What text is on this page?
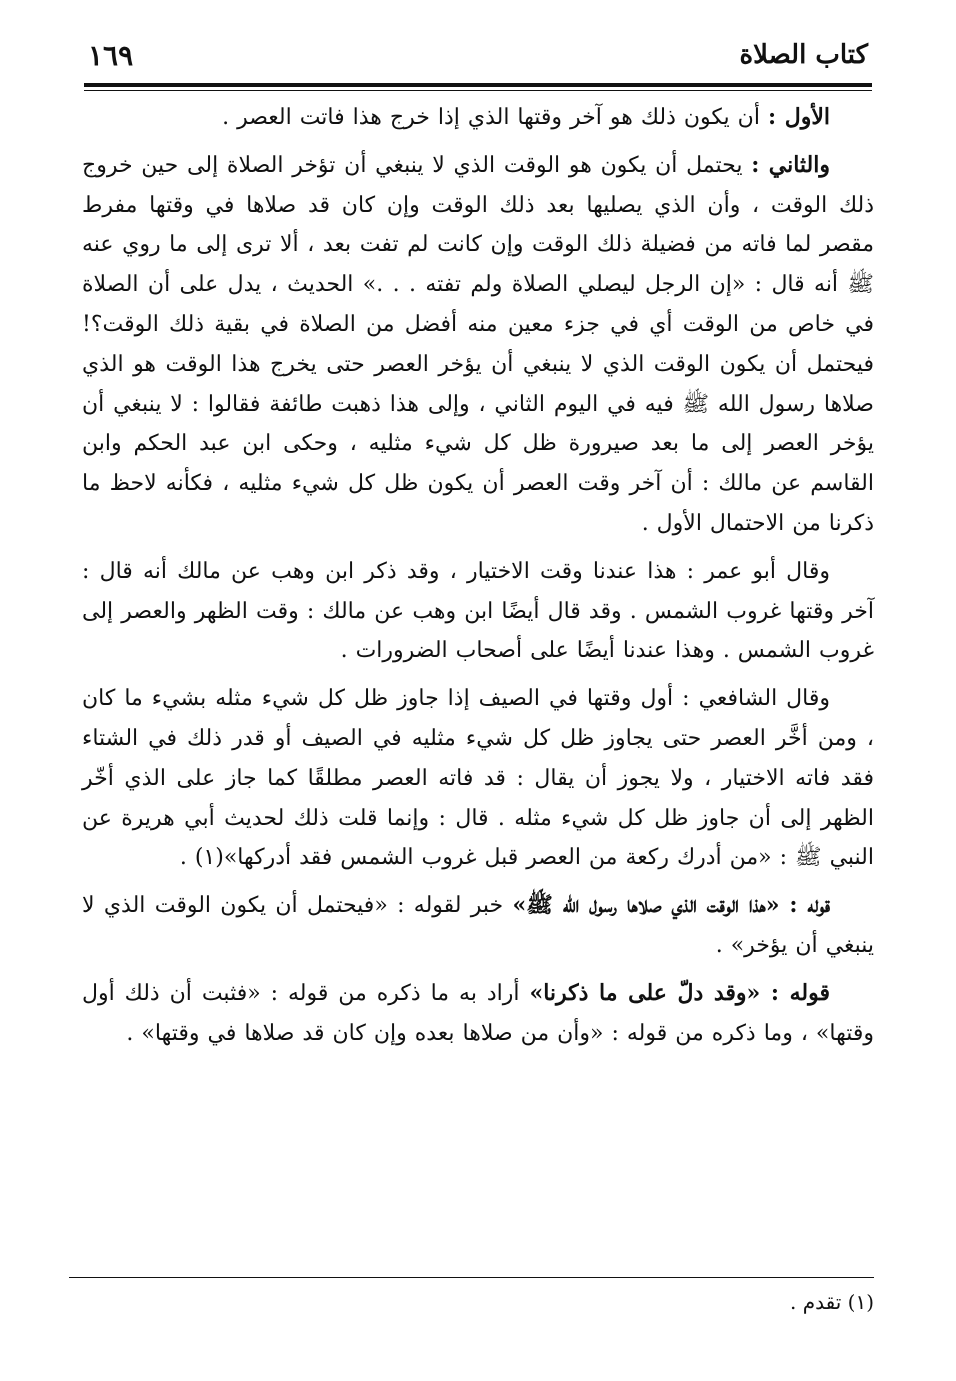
كتاب الصلاة
١٦٩

الأول : أن يكون ذلك هو آخر وقتها الذي إذا خرج هذا فاتت العصر .

والثاني : يحتمل أن يكون هو الوقت الذي لا ينبغي أن تؤخر الصلاة إلى حين خروج ذلك الوقت ، وأن الذي يصليها بعد ذلك الوقت وإن كان قد صلاها في وقتها مفرط مقصر لما فاته من فضيلة ذلك الوقت وإن كانت لم تفت بعد ، ألا ترى إلى ما روي عنه ﷺ أنه قال : «إن الرجل ليصلي الصلاة ولم تفته . . .» الحديث ، يدل على أن الصلاة في خاص من الوقت أي في جزء معين منه أفضل من الصلاة في بقية ذلك الوقت؟! فيحتمل أن يكون الوقت الذي لا ينبغي أن يؤخر العصر حتى يخرج هذا الوقت هو الذي صلاها رسول الله ﷺ فيه في اليوم الثاني ، وإلى هذا ذهبت طائفة فقالوا : لا ينبغي أن يؤخر العصر إلى ما بعد صيرورة ظل كل شيء مثليه ، وحكى ابن عبد الحكم وابن القاسم عن مالك : أن آخر وقت العصر أن يكون ظل كل شيء مثليه ، فكأنه لاحظ ما ذكرنا من الاحتمال الأول .

وقال أبو عمر : هذا عندنا وقت الاختيار ، وقد ذكر ابن وهب عن مالك أنه قال : آخر وقتها غروب الشمس . وقد قال أيضًا ابن وهب عن مالك : وقت الظهر والعصر إلى غروب الشمس . وهذا عندنا أيضًا على أصحاب الضرورات .

وقال الشافعي : أول وقتها في الصيف إذا جاوز ظل كل شيء مثله بشيء ما كان ، ومن أخَّر العصر حتى يجاوز ظل كل شيء مثليه في الصيف أو قدر ذلك في الشتاء فقد فاته الاختيار ، ولا يجوز أن يقال : قد فاته العصر مطلقًا كما جاز على الذي أخّر الظهر إلى أن جاوز ظل كل شيء مثله . قال : وإنما قلت ذلك لحديث أبي هريرة عن النبي ﷺ : «من أدرك ركعة من العصر قبل غروب الشمس فقد أدركها»(١) .

قوله : «هذا الوقت الذي صلاها رسول الله ﷺ» خبر لقوله : «فيحتمل أن يكون الوقت الذي لا ينبغي أن يؤخر» .

قوله : «وقد دلّ على ما ذكرنا» أراد به ما ذكره من قوله : «فثبت أن ذلك أول وقتها» ، وما ذكره من قوله : «وأن من صلاها بعده وإن كان قد صلاها في وقتها» .

(١) تقدم .
